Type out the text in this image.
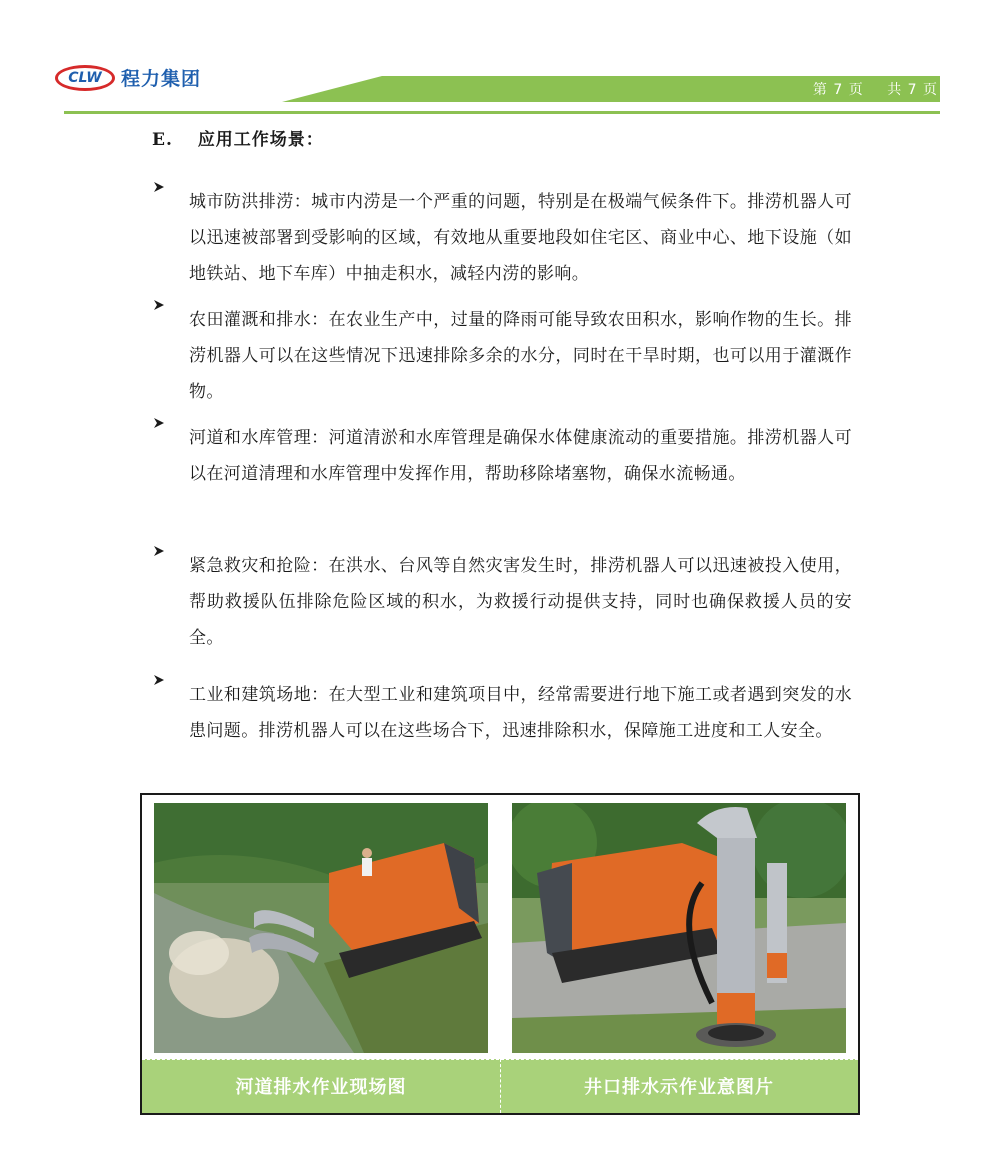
CLW 程力集团	第 7 页 共 7 页
E. 应用工作场景：

城市防洪排涝：城市内涝是一个严重的问题，特别是在极端气候条件下。排涝机器人可以迅速被部署到受影响的区域，有效地从重要地段如住宅区、商业中心、地下设施（如地铁站、地下车库）中抽走积水，减轻内涝的影响。

农田灌溉和排水：在农业生产中，过量的降雨可能导致农田积水，影响作物的生长。排涝机器人可以在这些情况下迅速排除多余的水分，同时在干旱时期，也可以用于灌溉作物。

河道和水库管理：河道清淤和水库管理是确保水体健康流动的重要措施。排涝机器人可以在河道清理和水库管理中发挥作用，帮助移除堵塞物，确保水流畅通。

紧急救灾和抢险：在洪水、台风等自然灾害发生时，排涝机器人可以迅速被投入使用，帮助救援队伍排除危险区域的积水，为救援行动提供支持，同时也确保救援人员的安全。

工业和建筑场地：在大型工业和建筑项目中，经常需要进行地下施工或者遇到突发的水患问题。排涝机器人可以在这些场合下，迅速排除积水，保障施工进度和工人安全。

河道排水作业现场图	井口排水示作业意图片
